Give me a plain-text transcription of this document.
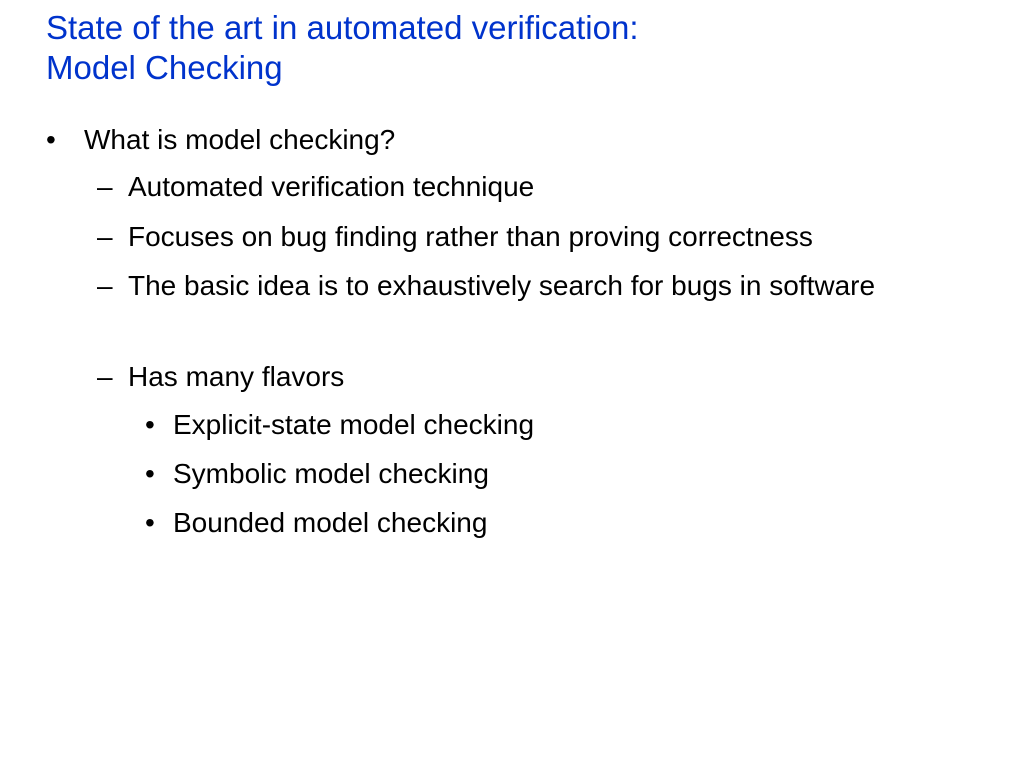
State of the art in automated verification:
Model Checking
• What is model checking?
– Automated verification technique
– Focuses on bug finding rather than proving correctness
– The basic idea is to exhaustively search for bugs in software
– Has many flavors
• Explicit-state model checking
• Symbolic model checking
• Bounded model checking
